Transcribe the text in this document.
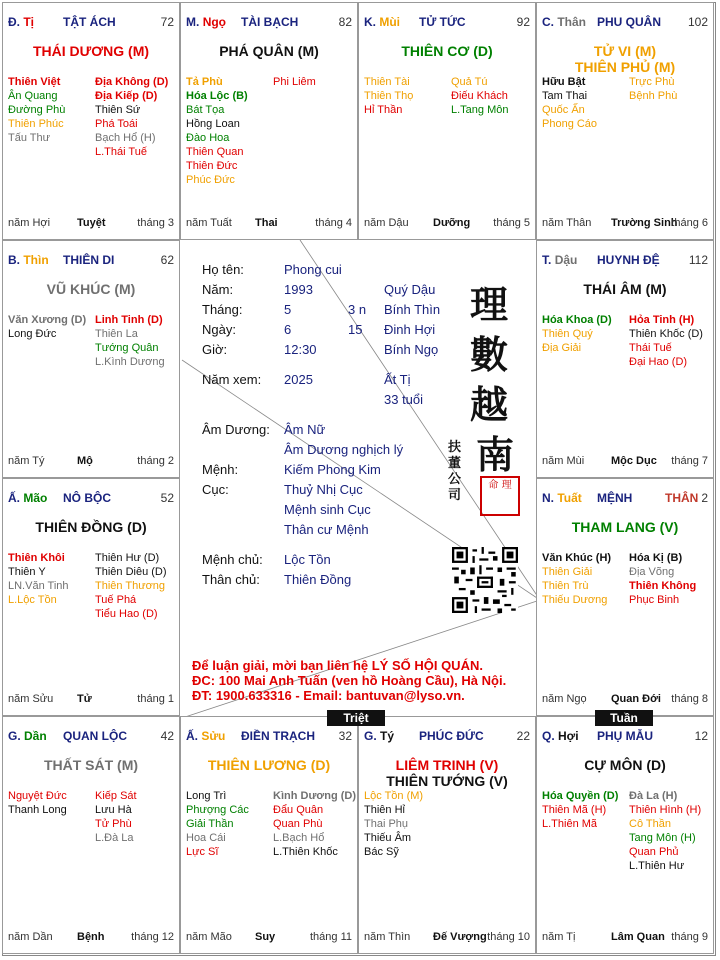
Đ. Tị TẬT ÁCH	72
THÁI DƯƠNG (M)
Thiên Việt
Ân Quang
Đường Phù
Thiên Phúc
Tấu Thư
Địa Không (D)
Địa Kiếp (D)
Thiên Sứ
Phá Toái
Bạch Hổ (H)
L.Thái Tuế
năm Hợi Tuyệt	tháng 3
M. Ngọ TÀI BẠCH	82
PHÁ QUÂN (M)
Tả Phù
Hóa Lộc (B)
Bát Tọa
Hồng Loan
Đào Hoa
Thiên Quan
Thiên Đức
Phúc Đức
Phi Liêm
năm Tuất Thai	tháng 4
K. Mùi TỬ TỨC	92
THIÊN CƠ (D)
Thiên Tài
Thiên Thọ
Hỉ Thần
Quả Tú
Điếu Khách
L.Tang Môn
năm Dậu Dưỡng tháng 5
C. Thân PHU QUÂN 102
TỬ VI (M)
THIÊN PHỦ (M)
Hữu Bật
Tam Thai
Quốc Ấn
Phong Cáo
Trực Phù
Bệnh Phù
năm Thân Trường Sinh
tháng 6
B. Thìn THIÊN DI	62
VŨ KHÚC (M)
Văn Xương (D)
Long Đức
Linh Tinh (D)
Thiên La
Tướng Quân
L.Kình Dương
năm Tý	Mộ	tháng 2
T. Dậu HUYNH ĐỆ 112
THÁI ÂM (M)
Hóa Khoa (D)
Thiên Quý
Địa Giải
Hỏa Tinh (H)
Thiên Khốc (D)
Thái Tuế
Đại Hao (D)
năm Mùi Mộc Dục tháng 7
Ấ. Mão NÔ BỘC	52
THIÊN ĐỒNG (D)
Thiên Khôi
Thiên Y
LN.Văn Tinh
L.Lộc Tồn
Thiên Hư (D)
Thiên Diêu (D)
Thiên Thương
Tuế Phá
Tiểu Hao (D)
năm Sửu Tử	tháng 1
N. Tuất MỆNH	THÂN 2
THAM LANG (V)
Văn Khúc (H)
Thiên Giải
Thiên Trù
Thiếu Dương
Hóa Kị (B)
Địa Võng
Thiên Không
Phục Binh
năm Ngọ Quan Đới tháng 8
G. Dần QUAN LỘC	42
THẤT SÁT (M)
Nguyệt Đức
Thanh Long
Kiếp Sát
Lưu Hà
Tử Phù
L.Đà La
năm Dần Bệnh tháng 12
Ấ. Sửu ĐIỀN TRẠCH 32
THIÊN LƯƠNG (D)
Long Trì
Phượng Các
Giải Thần
Hoa Cái
Lực Sĩ
Kình Dương (D)
Đẩu Quân
Quan Phù
L.Bạch Hổ
L.Thiên Khốc
năm Mão Suy	tháng 11
G. Tý PHÚC ĐỨC	22
LIÊM TRINH (V)
THIÊN TƯỚNG (V)
Lộc Tồn (M)
Thiên Hỉ
Thai Phụ
Thiếu Âm
Bác Sỹ
năm Thìn Đế Vượng tháng 10
Q. Hợi PHỤ MẪU	12
CỰ MÔN (D)
Hóa Quyền (D)
Thiên Mã (H)
L.Thiên Mã
Đà La (H)
Thiên Hình (H)
Cô Thần
Tang Môn (H)
Quan Phủ
L.Thiên Hư
năm Tị	Lâm Quan tháng 9
Họ tên:	Phong cui
Năm:	1993	Quý Dậu
Tháng:	5	3 n Bính Thìn
Ngày:	6	15 Đinh Hợi
Giờ:	12:30	Bính Ngọ
Năm xem: 2025	Ất Tị
33 tuổi
Âm Dương: Âm Nữ
Âm Dương nghịch lý
Mệnh:	Kiếm Phong Kim
Cục:	Thuỷ Nhị Cục
Mệnh sinh Cục
Thân cư Mệnh
Mệnh chủ: Lộc Tồn
Thân chủ: Thiên Đồng
理
數
越
南
扶 董 公 司
命 理
Để luận giải, mời bạn liên hệ LÝ SỐ HỘI QUÁN.
ĐC: 100 Mai Anh Tuấn (ven hồ Hoàng Cầu), Hà Nội.
ĐT: 1900.633316 - Email: bantuvan@lyso.vn.
Triệt	Tuần
